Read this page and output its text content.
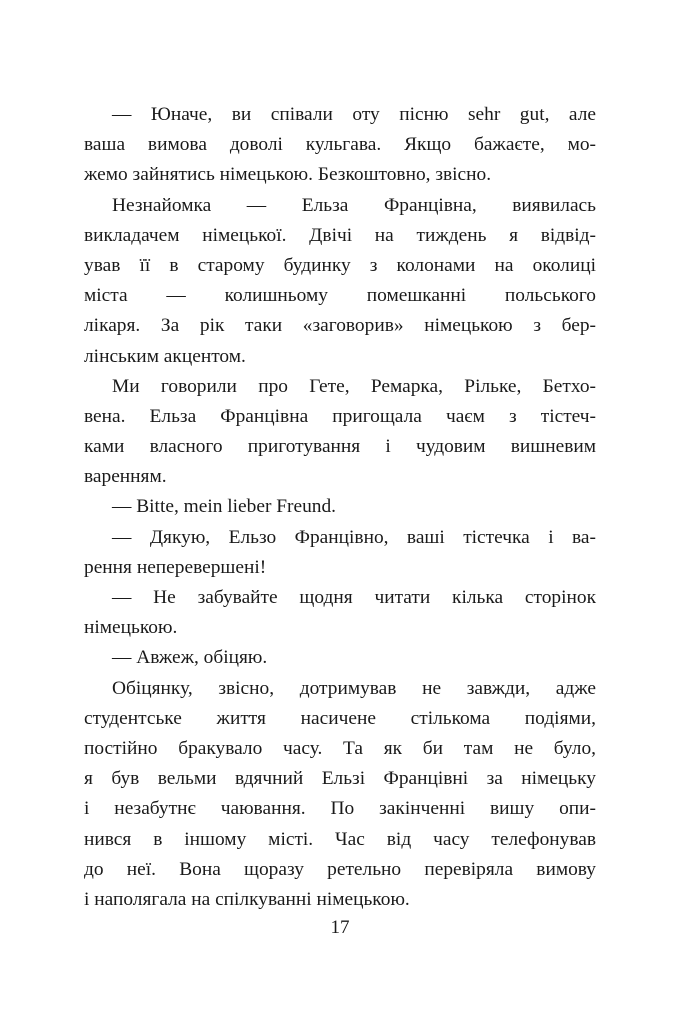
— Юначе, ви співали оту пісню sehr gut, але
ваша вимова доволі кульгава. Якщо бажаєте, мо-
жемо зайнятись німецькою. Безкоштовно, звісно.
Незнайомка — Ельза Францівна, виявилась
викладачем німецької. Двічі на тиждень я відвід-
ував її в старому будинку з колонами на околиці
міста — колишньому помешканні польського
лікаря. За рік таки «заговорив» німецькою з бер-
лінським акцентом.
Ми говорили про Гете, Ремарка, Рільке, Бетхо-
вена. Ельза Францівна пригощала чаєм з тістеч-
ками власного приготування і чудовим вишневим
варенням.
— Bitte, mein lieber Freund.
— Дякую, Ельзо Францівно, ваші тістечка і ва-
рення неперевершені!
— Не забувайте щодня читати кілька сторінок
німецькою.
— Авжеж, обіцяю.
Обіцянку, звісно, дотримував не завжди, адже
студентське життя насичене стількома подіями,
постійно бракувало часу. Та як би там не було,
я був вельми вдячний Ельзі Францівні за німецьку
і незабутнє чаювання. По закінченні вишу опи-
нився в іншому місті. Час від часу телефонував
до неї. Вона щоразу ретельно перевіряла вимову
і наполягала на спілкуванні німецькою.
17
